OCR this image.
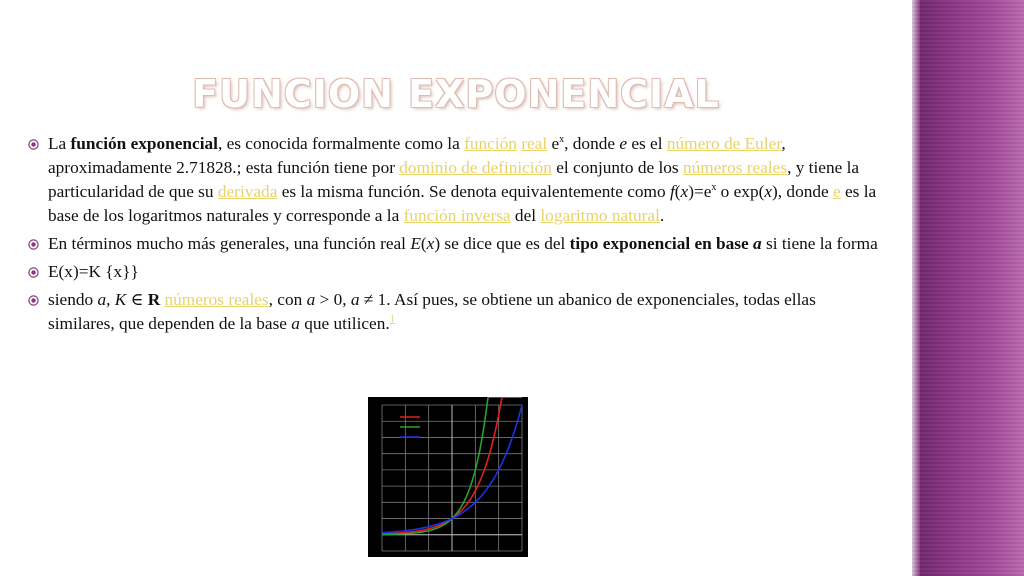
FUNCION EXPONENCIAL
La función exponencial, es conocida formalmente como la función real $e^x$, donde e es el número de Euler, aproximadamente 2.71828.; esta función tiene por dominio de definición el conjunto de los números reales, y tiene la particularidad de que su derivada es la misma función. Se denota equivalentemente como $f(x)=e^x$ o exp(x), donde e es la base de los logaritmos naturales y corresponde a la función inversa del logaritmo natural.
En términos mucho más generales, una función real E(x) se dice que es del tipo exponencial en base a si tiene la forma
E(x)=K {x}}
siendo a, K ∈ R números reales, con a > 0, a ≠ 1. Así pues, se obtiene un abanico de exponenciales, todas ellas similares, que dependen de la base a que utilicen.$^1$
